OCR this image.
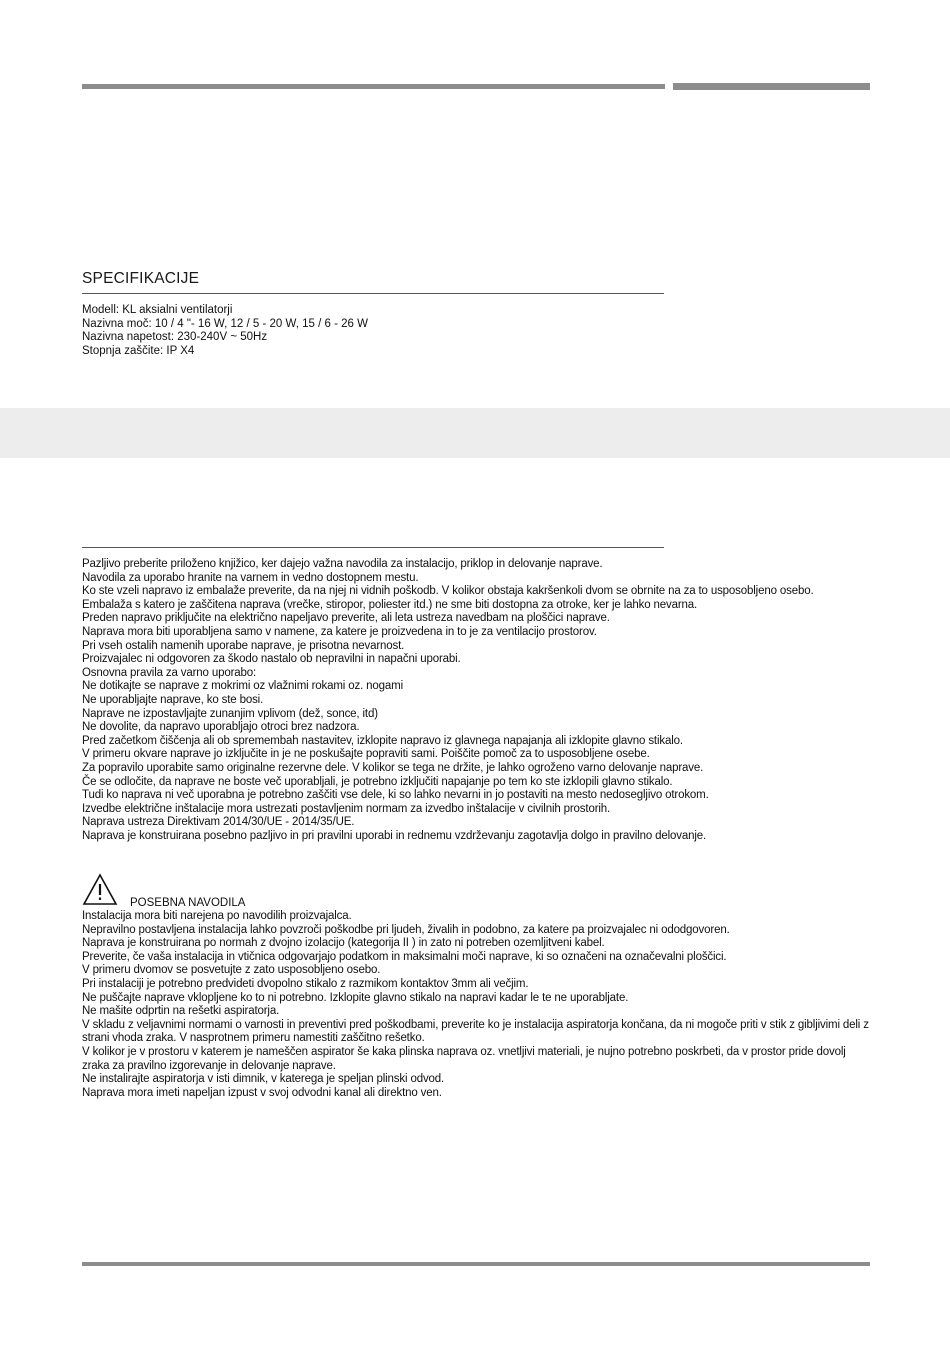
SPECIFIKACIJE
Modell: KL aksialni ventilatorji
Nazivna moč: 10 / 4 "- 16 W, 12 / 5 - 20 W, 15 / 6 - 26 W
Nazivna napetost: 230-240V ~ 50Hz
Stopnja zaščite: IP X4
Pazljivo preberite priloženo knjižico, ker dajejo važna navodila za instalacijo, priklop in delovanje naprave.
Navodila za uporabo hranite na varnem in vedno dostopnem mestu.
Ko ste vzeli napravo iz embalaže preverite, da na njej ni vidnih poškodb. V kolikor obstaja kakršenkoli dvom se obrnite na za to usposobljeno osebo.
Embalaža s katero je zaščitena naprava (vrečke, stiropor, poliester itd.) ne sme biti dostopna za otroke, ker je lahko nevarna.
Preden napravo priključite na električno napeljavo preverite, ali leta ustreza navedbam na ploščici naprave.
Naprava mora biti uporabljena samo v namene, za katere je proizvedena in to je za ventilacijo prostorov.
Pri vseh ostalih namenih uporabe naprave, je prisotna nevarnost.
Proizvajalec ni odgovoren za škodo nastalo ob nepravilni in napačni uporabi.
Osnovna pravila za varno uporabo:
Ne dotikajte se naprave z mokrimi oz vlažnimi rokami oz. nogami
Ne uporabljajte naprave, ko ste bosi.
Naprave ne izpostavljajte zunanjim vplivom (dež, sonce, itd)
Ne dovolite, da napravo uporabljajo otroci brez nadzora.
Pred začetkom čiščenja ali ob spremembah nastavitev, izklopite napravo iz glavnega napajanja ali izklopite glavno stikalo.
V primeru okvare naprave jo izključite in je ne poskušajte popraviti sami. Poiščite pomoč za to usposobljene osebe.
Za popravilo uporabite samo originalne rezervne dele. V kolikor se tega ne držite, je lahko ogroženo varno delovanje naprave.
Če se odločite, da naprave ne boste več uporabljali, je potrebno izključiti napajanje po tem ko ste izklopili glavno stikalo.
Tudi ko naprava ni več uporabna je potrebno zaščiti vse dele, ki so lahko nevarni in jo postaviti na mesto nedosegljivo otrokom.
Izvedbe električne inštalacije mora ustrezati postavljenim normam za izvedbo inštalacije v civilnih prostorih.
Naprava ustreza Direktivam 2014/30/UE - 2014/35/UE.
Naprava je konstruirana posebno pazljivo in pri pravilni uporabi in rednemu vzdrževanju zagotavlja dolgo in pravilno delovanje.
POSEBNA NAVODILA
Instalacija mora biti narejena po navodilih proizvajalca.
Nepravilno postavljena instalacija lahko povzroči poškodbe pri ljudeh, živalih in podobno, za katere pa proizvajalec ni ododgovoren.
Naprava je konstruirana po normah z dvojno izolacijo (kategorija II ) in zato ni potreben ozemljitveni kabel.
Preverite, če vaša instalacija in vtičnica odgovarjajo podatkom in maksimalni moči naprave, ki so označeni na označevalni ploščici.
V primeru dvomov se posvetujte z zato usposobljeno osebo.
Pri instalaciji je potrebno predvideti dvopolno stikalo z razmikom kontaktov 3mm ali večjim.
Ne puščajte naprave vklopljene ko to ni potrebno. Izklopite glavno stikalo na napravi kadar le te ne uporabljate.
Ne mašite odprtin na rešetki aspiratorja.
V skladu z veljavnimi normami o varnosti in preventivi pred poškodbami, preverite ko je instalacija aspiratorja končana, da ni mogoče priti v stik z gibljivimi deli z strani vhoda zraka. V nasprotnem primeru namestiti zaščitno rešetko.
V kolikor je v prostoru v katerem je nameščen aspirator še kaka plinska naprava oz. vnetljivi materiali, je nujno potrebno poskrbeti, da v prostor pride dovolj zraka za pravilno izgorevanje in delovanje naprave.
Ne instalirajte aspiratorja v isti dimnik, v katerega je speljan plinski odvod.
Naprava mora imeti napeljan izpust v svoj odvodni kanal ali direktno ven.
